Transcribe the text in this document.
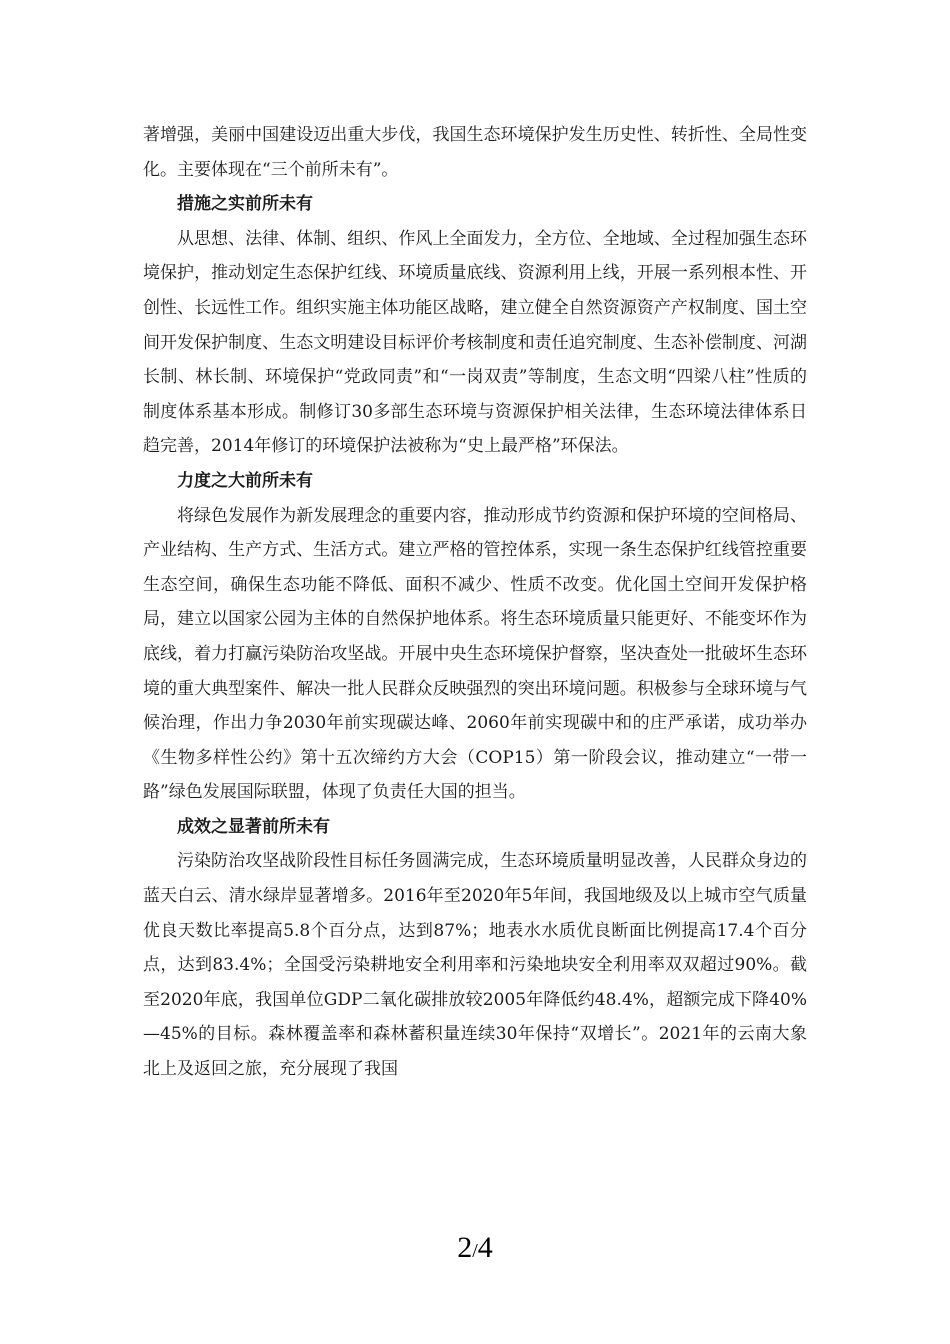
著增强，美丽中国建设迈出重大步伐，我国生态环境保护发生历史性、转折性、全局性变化。主要体现在“三个前所未有”。

措施之实前所未有

从思想、法律、体制、组织、作风上全面发力，全方位、全地域、全过程加强生态环境保护，推动划定生态保护红线、环境质量底线、资源利用上线，开展一系列根本性、开创性、长远性工作。组织实施主体功能区战略，建立健全自然资源资产产权制度、国土空间开发保护制度、生态文明建设目标评价考核制度和责任追究制度、生态补偿制度、河湖长制、林长制、环境保护“党政同责”和“一岗双责”等制度，生态文明“四梁八柱”性质的制度体系基本形成。制修订30多部生态环境与资源保护相关法律，生态环境法律体系日趋完善，2014年修订的环境保护法被称为“史上最严格”环保法。

力度之大前所未有

将绿色发展作为新发展理念的重要内容，推动形成节约资源和保护环境的空间格局、产业结构、生产方式、生活方式。建立严格的管控体系，实现一条生态保护红线管控重要生态空间，确保生态功能不降低、面积不减少、性质不改变。优化国土空间开发保护格局，建立以国家公园为主体的自然保护地体系。将生态环境质量只能更好、不能变坏作为底线，着力打赢污染防治攻坚战。开展中央生态环境保护督察，坚决查处一批破坏生态环境的重大典型案件、解决一批人民群众反映强烈的突出环境问题。积极参与全球环境与气候治理，作出力争2030年前实现碳达峰、2060年前实现碳中和的庄严承诺，成功举办《生物多样性公约》第十五次缔约方大会（COP15）第一阶段会议，推动建立“一带一路”绿色发展国际联盟，体现了负责任大国的担当。

成效之显著前所未有

污染防治攻坚战阶段性目标任务圆满完成，生态环境质量明显改善，人民群众身边的蓝天白云、清水绿岸显著增多。2016年至2020年5年间，我国地级及以上城市空气质量优良天数比率提高5.8个百分点，达到87%；地表水水质优良断面比例提高17.4个百分点，达到83.4%；全国受污染耕地安全利用率和污染地块安全利用率双双超过90%。截至2020年底，我国单位GDP二氧化碳排放较2005年降低约48.4%，超额完成下降40%—45%的目标。森林覆盖率和森林蓄积量连续30年保持“双增长”。2021年的云南大象北上及返回之旅，充分展现了我国

2/4
